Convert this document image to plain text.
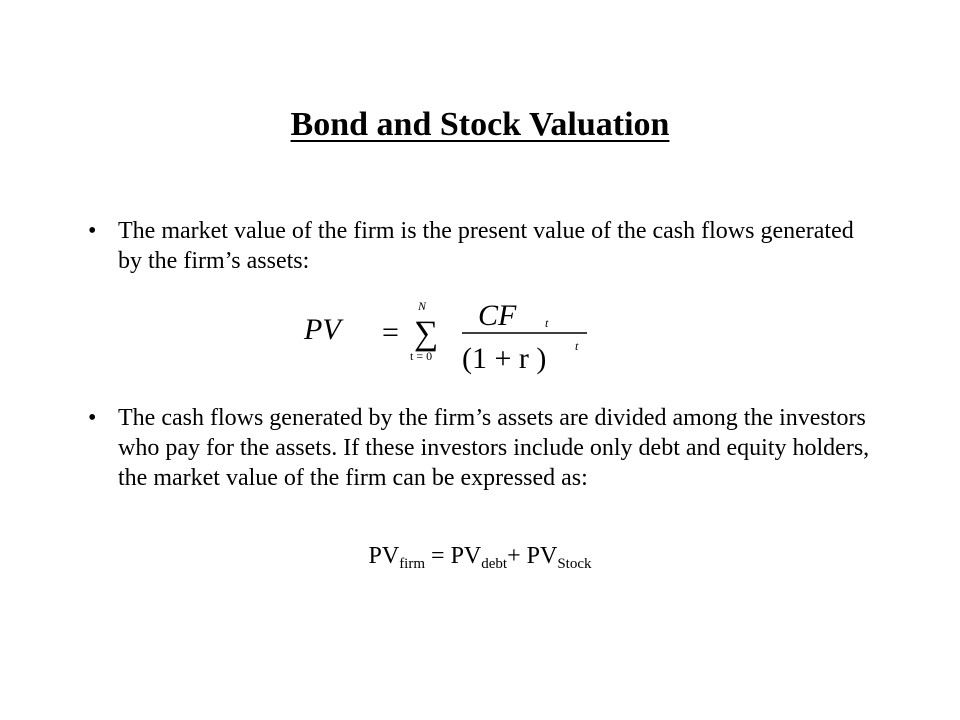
Bond and Stock Valuation
• The market value of the firm is the present value of the cash flows generated by the firm’s assets:
PV = ∑
N
t = 0
CF t
(1 + r ) t
• The cash flows generated by the firm’s assets are divided among the investors who pay for the assets. If these investors include only debt and equity holders, the market value of the firm can be expressed as:
$PV_{firm} = PV_{debt}+ PV_{Stock}$
